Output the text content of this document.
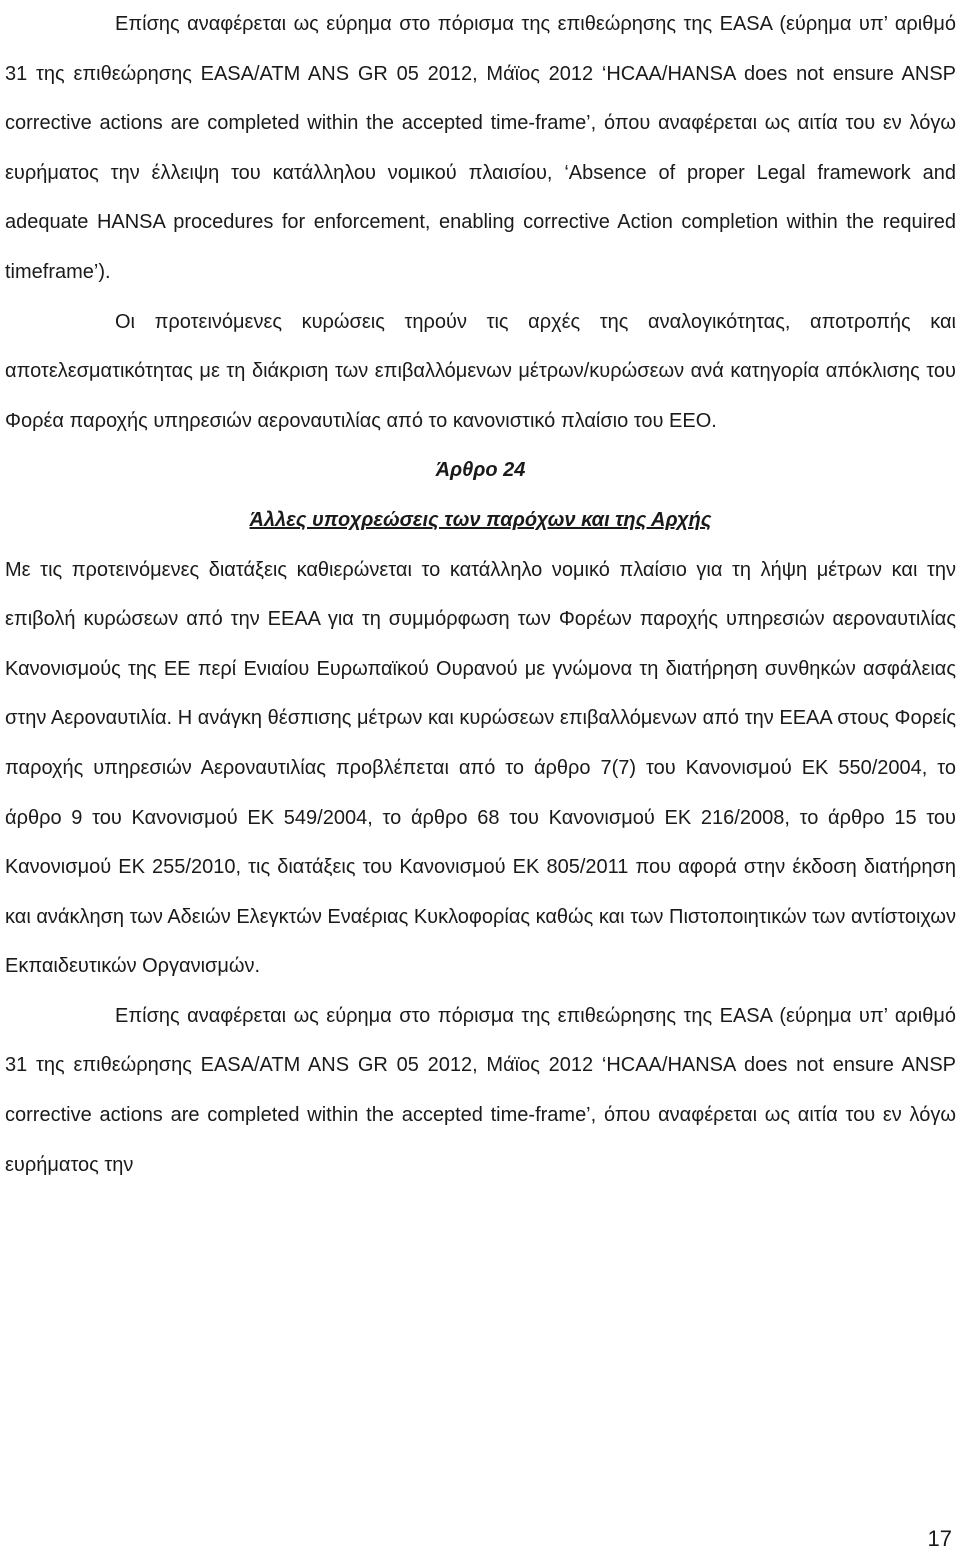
Επίσης αναφέρεται ως εύρημα στο πόρισμα της επιθεώρησης της EASA (εύρημα υπ’ αριθμό 31 της επιθεώρησης EASA/ATM ANS GR 05 2012, Μάϊος 2012 ‘HCAA/HANSA does not ensure ANSP corrective actions are completed within the accepted time-frame’, όπου αναφέρεται ως αιτία του εν λόγω ευρήματος την έλλειψη του κατάλληλου νομικού πλαισίου, ‘Absence of proper Legal framework and adequate HANSA procedures for enforcement, enabling corrective Action completion within the required timeframe’).

Οι προτεινόμενες κυρώσεις τηρούν τις αρχές της αναλογικότητας, αποτροπής και αποτελεσματικότητας με τη διάκριση των επιβαλλόμενων μέτρων/κυρώσεων ανά κατηγορία απόκλισης του Φορέα παροχής υπηρεσιών αεροναυτιλίας από το κανονιστικό πλαίσιο του ΕΕΟ.

Άρθρο 24

Άλλες υποχρεώσεις των παρόχων και της Αρχής

Με τις προτεινόμενες διατάξεις καθιερώνεται το κατάλληλο νομικό πλαίσιο για τη λήψη μέτρων και την επιβολή κυρώσεων από την ΕΕΑΑ για τη συμμόρφωση των Φορέων παροχής υπηρεσιών αεροναυτιλίας Κανονισμούς της ΕΕ περί Ενιαίου Ευρωπαϊκού Ουρανού με γνώμονα τη διατήρηση συνθηκών ασφάλειας στην Αεροναυτιλία. Η ανάγκη θέσπισης μέτρων και κυρώσεων επιβαλλόμενων από την ΕΕΑΑ στους Φορείς παροχής υπηρεσιών Αεροναυτιλίας προβλέπεται από το άρθρο 7(7) του Κανονισμού ΕΚ 550/2004, το άρθρο 9 του Κανονισμού ΕΚ 549/2004, το άρθρο 68 του Κανονισμού ΕΚ 216/2008, το άρθρο 15 του Κανονισμού ΕΚ 255/2010, τις διατάξεις του Κανονισμού ΕΚ 805/2011 που αφορά στην έκδοση διατήρηση και ανάκληση των Αδειών Ελεγκτών Εναέριας Κυκλοφορίας καθώς και των Πιστοποιητικών των αντίστοιχων Εκπαιδευτικών Οργανισμών.

Επίσης αναφέρεται ως εύρημα στο πόρισμα της επιθεώρησης της EASA (εύρημα υπ’ αριθμό 31 της επιθεώρησης EASA/ATM ANS GR 05 2012, Μάϊος 2012 ‘HCAA/HANSA does not ensure ANSP corrective actions are completed within the accepted time-frame’, όπου αναφέρεται ως αιτία του εν λόγω ευρήματος την

17
